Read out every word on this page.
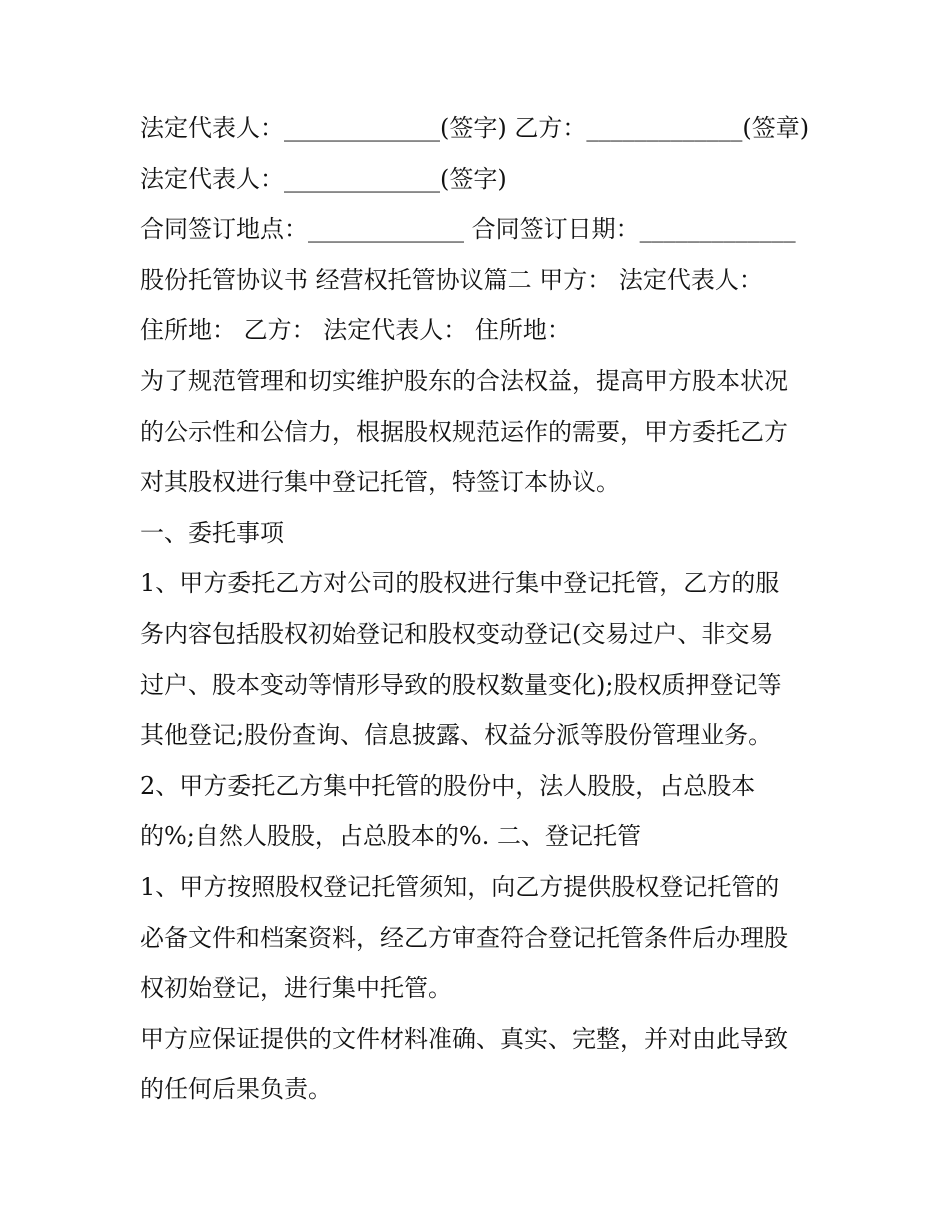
法定代表人：_____________(签字) 乙方：_____________(签章)
法定代表人：_____________(签字)
合同签订地点：_____________ 合同签订日期：_____________
股份托管协议书 经营权托管协议篇二 甲方： 法定代表人：
住所地： 乙方： 法定代表人： 住所地：
为了规范管理和切实维护股东的合法权益，提高甲方股本状况
的公示性和公信力，根据股权规范运作的需要，甲方委托乙方
对其股权进行集中登记托管，特签订本协议。
一、委托事项
1、甲方委托乙方对公司的股权进行集中登记托管，乙方的服
务内容包括股权初始登记和股权变动登记(交易过户、非交易
过户、股本变动等情形导致的股权数量变化);股权质押登记等
其他登记;股份查询、信息披露、权益分派等股份管理业务。
2、甲方委托乙方集中托管的股份中，法人股股，占总股本
的%;自然人股股，占总股本的%. 二、登记托管
1、甲方按照股权登记托管须知，向乙方提供股权登记托管的
必备文件和档案资料，经乙方审查符合登记托管条件后办理股
权初始登记，进行集中托管。
甲方应保证提供的文件材料准确、真实、完整，并对由此导致
的任何后果负责。
